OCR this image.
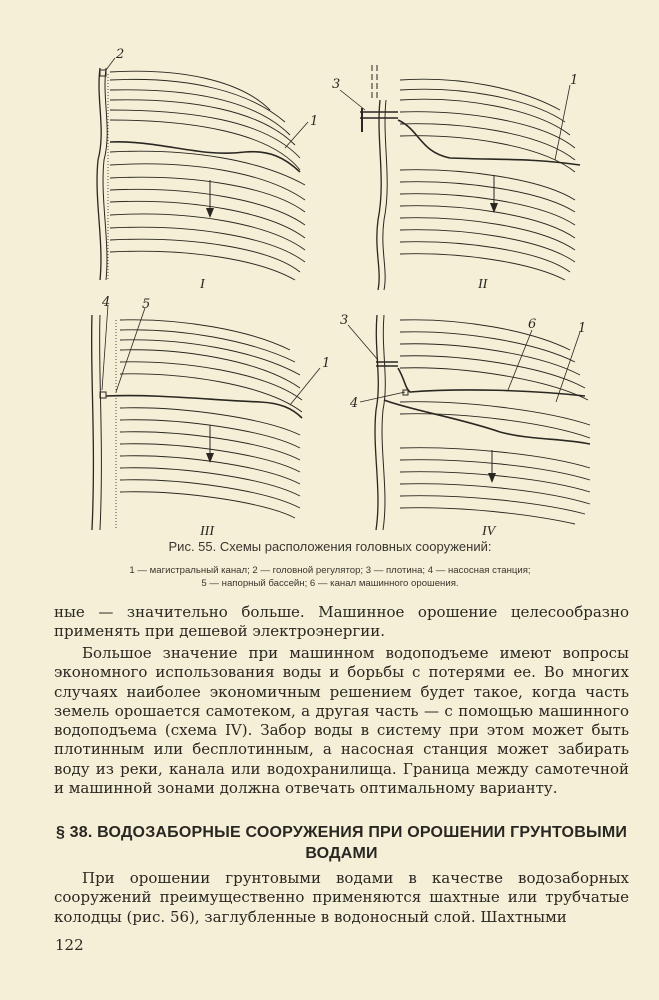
2
1
I
3	1
II
4 5
1
III
3	6	1
4
IV
Рис. 55. Схемы расположения головных сооружений:
1 — магистральный канал; 2 — головной регулятор; 3 — плотина; 4 — насосная станция;
5 — напорный бассейн; 6 — канал машинного орошения.
ные — значительно больше. Машинное орошение целесообразно применять при дешевой электроэнергии.
Большое значение при машинном водоподъеме имеют вопросы экономного использования воды и борьбы с потерями ее. Во многих случаях наиболее экономичным решением будет такое, когда часть земель орошается самотеком, а другая часть — с помощью машинного водоподъема (схема IV). Забор воды в систему при этом может быть плотинным или бесплотинным, а насосная станция может забирать воду из реки, канала или водохранилища. Граница между самотечной и машинной зонами должна отвечать оптимальному варианту.
§ 38. ВОДОЗАБОРНЫЕ СООРУЖЕНИЯ ПРИ ОРОШЕНИИ ГРУНТОВЫМИ ВОДАМИ
При орошении грунтовыми водами в качестве водозаборных сооружений преимущественно применяются шахтные или трубчатые колодцы (рис. 56), заглубленные в водоносный слой. Шахтными
122
